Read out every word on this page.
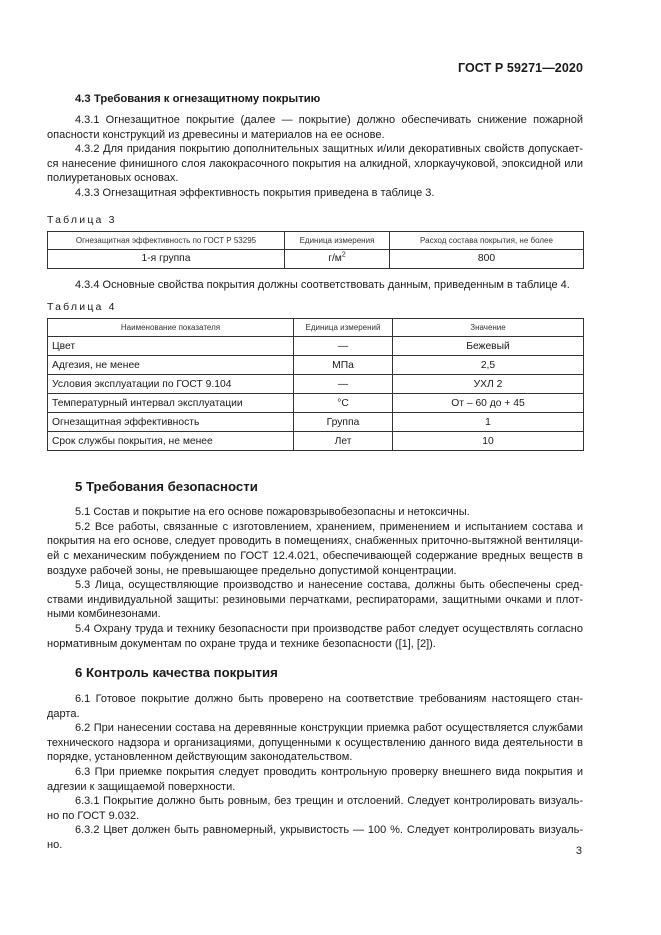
ГОСТ Р 59271—2020
4.3 Требования к огнезащитному покрытию

4.3.1 Огнезащитное покрытие (далее — покрытие) должно обеспечивать снижение пожарной опасности конструкций из древесины и материалов на ее основе.

4.3.2 Для придания покрытию дополнительных защитных и/или декоративных свойств допускает-ся нанесение финишного слоя лакокрасочного покрытия на алкидной, хлоркаучуковой, эпоксидной или полиуретановых основах.

4.3.3 Огнезащитная эффективность покрытия приведена в таблице 3.

Таблица 3
Огнезащитная эффективность по ГОСТ Р 53295	Единица измерения	Расход состава покрытия, не более
1-я группа	$г/м^2$	800

4.3.4 Основные свойства покрытия должны соответствовать данным, приведенным в таблице 4.

Таблица 4
Наименование показателя	Единица измерений	Значение
Цвет	—	Бежевый
Адгезия, не менее	МПа	2,5
Условия эксплуатации по ГОСТ 9.104	—	УХЛ 2
Температурный интервал эксплуатации	°C	От – 60 до + 45
Огнезащитная эффективность	Группа	1
Срок службы покрытия, не менее	Лет	10
5 Требования безопасности

5.1 Состав и покрытие на его основе пожаровзрывобезопасны и нетоксичны.

5.2 Все работы, связанные с изготовлением, хранением, применением и испытанием состава и покрытия на его основе, следует проводить в помещениях, снабженных приточно-вытяжной вентиляци-ей с механическим побуждением по ГОСТ 12.4.021, обеспечивающей содержание вредных веществ в воздухе рабочей зоны, не превышающее предельно допустимой концентрации.

5.3 Лица, осуществляющие производство и нанесение состава, должны быть обеспечены сред-ствами индивидуальной защиты: резиновыми перчатками, респираторами, защитными очками и плот-ными комбинезонами.

5.4 Охрану труда и технику безопасности при производстве работ следует осуществлять согласно нормативным документам по охране труда и технике безопасности ([1], [2]).

6 Контроль качества покрытия

6.1 Готовое покрытие должно быть проверено на соответствие требованиям настоящего стан-дарта.

6.2 При нанесении состава на деревянные конструкции приемка работ осуществляется службами технического надзора и организациями, допущенными к осуществлению данного вида деятельности в порядке, установленном действующим законодательством.

6.3 При приемке покрытия следует проводить контрольную проверку внешнего вида покрытия и адгезии к защищаемой поверхности.

6.3.1 Покрытие должно быть ровным, без трещин и отслоений. Следует контролировать визуаль-но по ГОСТ 9.032.

6.3.2 Цвет должен быть равномерный, укрывистость — 100 %. Следует контролировать визуаль-но.	3
